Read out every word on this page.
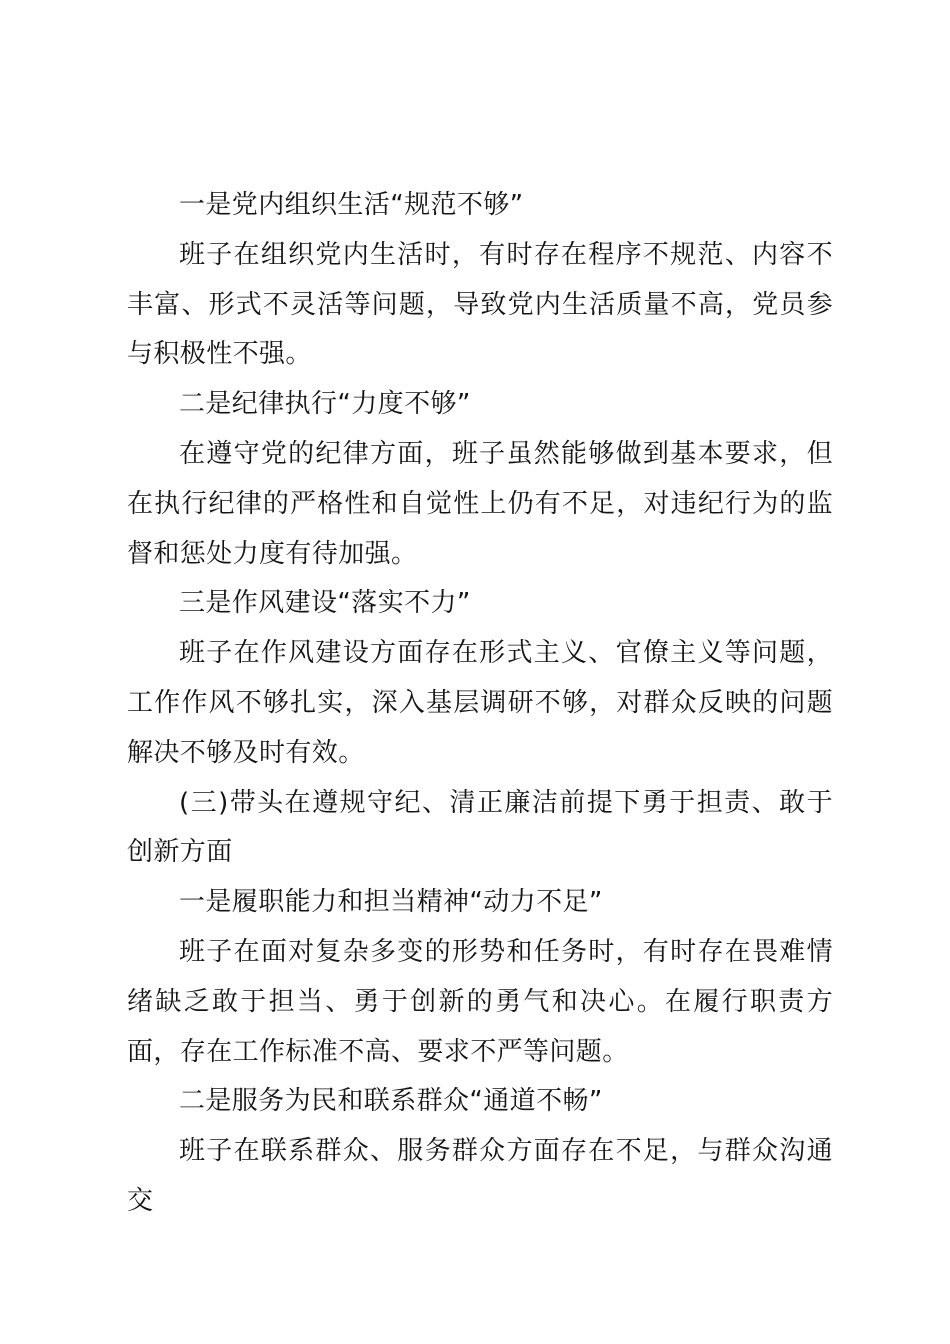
一是党内组织生活“规范不够”

班子在组织党内生活时，有时存在程序不规范、内容不丰富、形式不灵活等问题，导致党内生活质量不高，党员参与积极性不强。

二是纪律执行“力度不够”

在遵守党的纪律方面，班子虽然能够做到基本要求，但在执行纪律的严格性和自觉性上仍有不足，对违纪行为的监督和惩处力度有待加强。

三是作风建设“落实不力”

班子在作风建设方面存在形式主义、官僚主义等问题，工作作风不够扎实，深入基层调研不够，对群众反映的问题解决不够及时有效。

(三)带头在遵规守纪、清正廉洁前提下勇于担责、敢于创新方面

一是履职能力和担当精神“动力不足”

班子在面对复杂多变的形势和任务时，有时存在畏难情绪缺乏敢于担当、勇于创新的勇气和决心。在履行职责方面，存在工作标准不高、要求不严等问题。

二是服务为民和联系群众“通道不畅”

班子在联系群众、服务群众方面存在不足，与群众沟通交
